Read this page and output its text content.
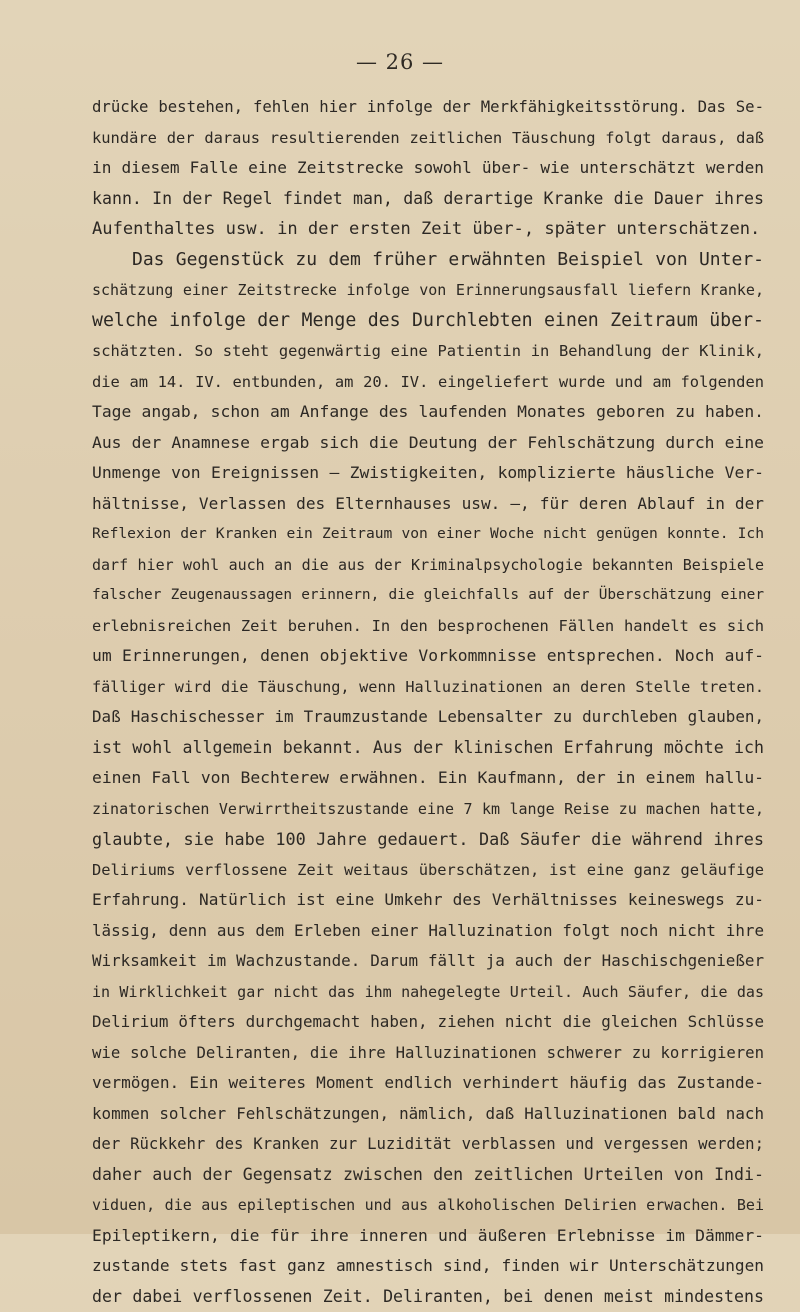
— 26 —
drücke bestehen, fehlen hier infolge der Merkfähigkeitsstörung. Das Se-
kundäre der daraus resultierenden zeitlichen Täuschung folgt daraus, daß
in diesem Falle eine Zeitstrecke sowohl über- wie unterschätzt werden
kann. In der Regel findet man, daß derartige Kranke die Dauer ihres
Aufenthaltes usw. in der ersten Zeit über-, später unterschätzen.
Das Gegenstück zu dem früher erwähnten Beispiel von Unter-
schätzung einer Zeitstrecke infolge von Erinnerungsausfall liefern Kranke,
welche infolge der Menge des Durchlebten einen Zeitraum über-
schätzten. So steht gegenwärtig eine Patientin in Behandlung der Klinik,
die am 14. IV. entbunden, am 20. IV. eingeliefert wurde und am folgenden
Tage angab, schon am Anfange des laufenden Monates geboren zu haben.
Aus der Anamnese ergab sich die Deutung der Fehlschätzung durch eine
Unmenge von Ereignissen — Zwistigkeiten, komplizierte häusliche Ver-
hältnisse, Verlassen des Elternhauses usw. —, für deren Ablauf in der
Reflexion der Kranken ein Zeitraum von einer Woche nicht genügen konnte. Ich
darf hier wohl auch an die aus der Kriminalpsychologie bekannten Beispiele
falscher Zeugenaussagen erinnern, die gleichfalls auf der Überschätzung einer
erlebnisreichen Zeit beruhen. In den besprochenen Fällen handelt es sich
um Erinnerungen, denen objektive Vorkommnisse entsprechen. Noch auf-
fälliger wird die Täuschung, wenn Halluzinationen an deren Stelle treten.
Daß Haschischesser im Traumzustande Lebensalter zu durchleben glauben,
ist wohl allgemein bekannt. Aus der klinischen Erfahrung möchte ich
einen Fall von Bechterew erwähnen. Ein Kaufmann, der in einem hallu-
zinatorischen Verwirrtheitszustande eine 7 km lange Reise zu machen hatte,
glaubte, sie habe 100 Jahre gedauert. Daß Säufer die während ihres
Deliriums verflossene Zeit weitaus überschätzen, ist eine ganz geläufige
Erfahrung. Natürlich ist eine Umkehr des Verhältnisses keineswegs zu-
lässig, denn aus dem Erleben einer Halluzination folgt noch nicht ihre
Wirksamkeit im Wachzustande. Darum fällt ja auch der Haschischgenießer
in Wirklichkeit gar nicht das ihm nahegelegte Urteil. Auch Säufer, die das
Delirium öfters durchgemacht haben, ziehen nicht die gleichen Schlüsse
wie solche Deliranten, die ihre Halluzinationen schwerer zu korrigieren
vermögen. Ein weiteres Moment endlich verhindert häufig das Zustande-
kommen solcher Fehlschätzungen, nämlich, daß Halluzinationen bald nach
der Rückkehr des Kranken zur Luzidität verblassen und vergessen werden;
daher auch der Gegensatz zwischen den zeitlichen Urteilen von Indi-
viduen, die aus epileptischen und aus alkoholischen Delirien erwachen. Bei
Epileptikern, die für ihre inneren und äußeren Erlebnisse im Dämmer-
zustande stets fast ganz amnestisch sind, finden wir Unterschätzungen
der dabei verflossenen Zeit. Deliranten, bei denen meist mindestens
